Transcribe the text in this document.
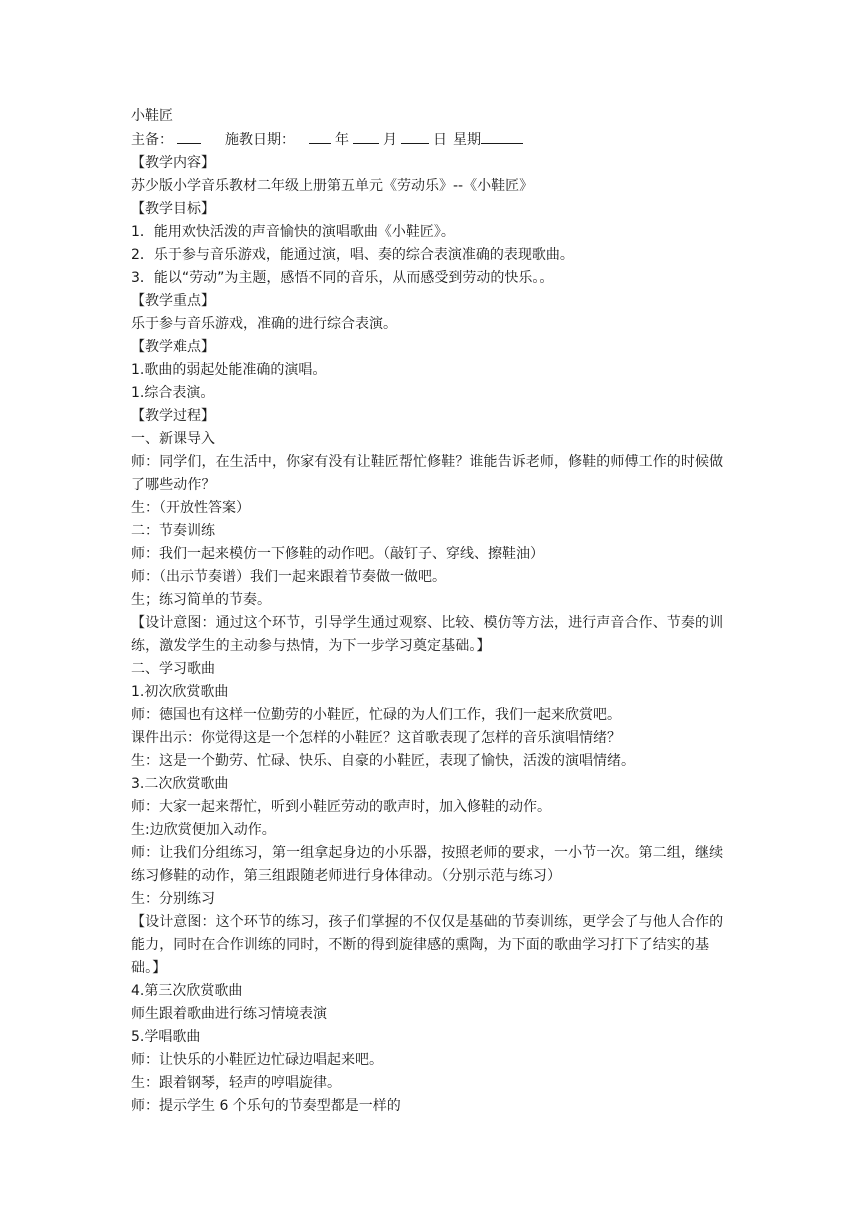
小鞋匠

主备：	施教日期：	年 月	日 星期

【教学内容】

苏少版小学音乐教材二年级上册第五单元《劳动乐》--《小鞋匠》

【教学目标】

1．能用欢快活泼的声音愉快的演唱歌曲《小鞋匠》。

2．乐于参与音乐游戏，能通过演，唱、奏的综合表演准确的表现歌曲。

3．能以“劳动”为主题，感悟不同的音乐，从而感受到劳动的快乐。。

【教学重点】

乐于参与音乐游戏，准确的进行综合表演。

【教学难点】

1.歌曲的弱起处能准确的演唱。

1.综合表演。

【教学过程】

一、新课导入

师：同学们，在生活中，你家有没有让鞋匠帮忙修鞋？谁能告诉老师，修鞋的师傅工作的时候做了哪些动作？

生：（开放性答案）

二：节奏训练

师：我们一起来模仿一下修鞋的动作吧。（敲钉子、穿线、擦鞋油）

师：（出示节奏谱）我们一起来跟着节奏做一做吧。

生；练习简单的节奏。

【设计意图：通过这个环节，引导学生通过观察、比较、模仿等方法，进行声音合作、节奏的训练，激发学生的主动参与热情，为下一步学习奠定基础。】

二、学习歌曲

1.初次欣赏歌曲

师：德国也有这样一位勤劳的小鞋匠，忙碌的为人们工作，我们一起来欣赏吧。

课件出示：你觉得这是一个怎样的小鞋匠？这首歌表现了怎样的音乐演唱情绪？

生：这是一个勤劳、忙碌、快乐、自豪的小鞋匠，表现了愉快，活泼的演唱情绪。

3.二次欣赏歌曲

师：大家一起来帮忙，听到小鞋匠劳动的歌声时，加入修鞋的动作。

生:边欣赏便加入动作。

师：让我们分组练习，第一组拿起身边的小乐器，按照老师的要求，一小节一次。第二组，继续练习修鞋的动作，第三组跟随老师进行身体律动。（分别示范与练习）

生：分别练习

【设计意图：这个环节的练习，孩子们掌握的不仅仅是基础的节奏训练，更学会了与他人合作的能力，同时在合作训练的同时，不断的得到旋律感的熏陶，为下面的歌曲学习打下了结实的基础。】

4.第三次欣赏歌曲

师生跟着歌曲进行练习情境表演

5.学唱歌曲

师：让快乐的小鞋匠边忙碌边唱起来吧。

生：跟着钢琴，轻声的哼唱旋律。

师：提示学生 6 个乐句的节奏型都是一样的
